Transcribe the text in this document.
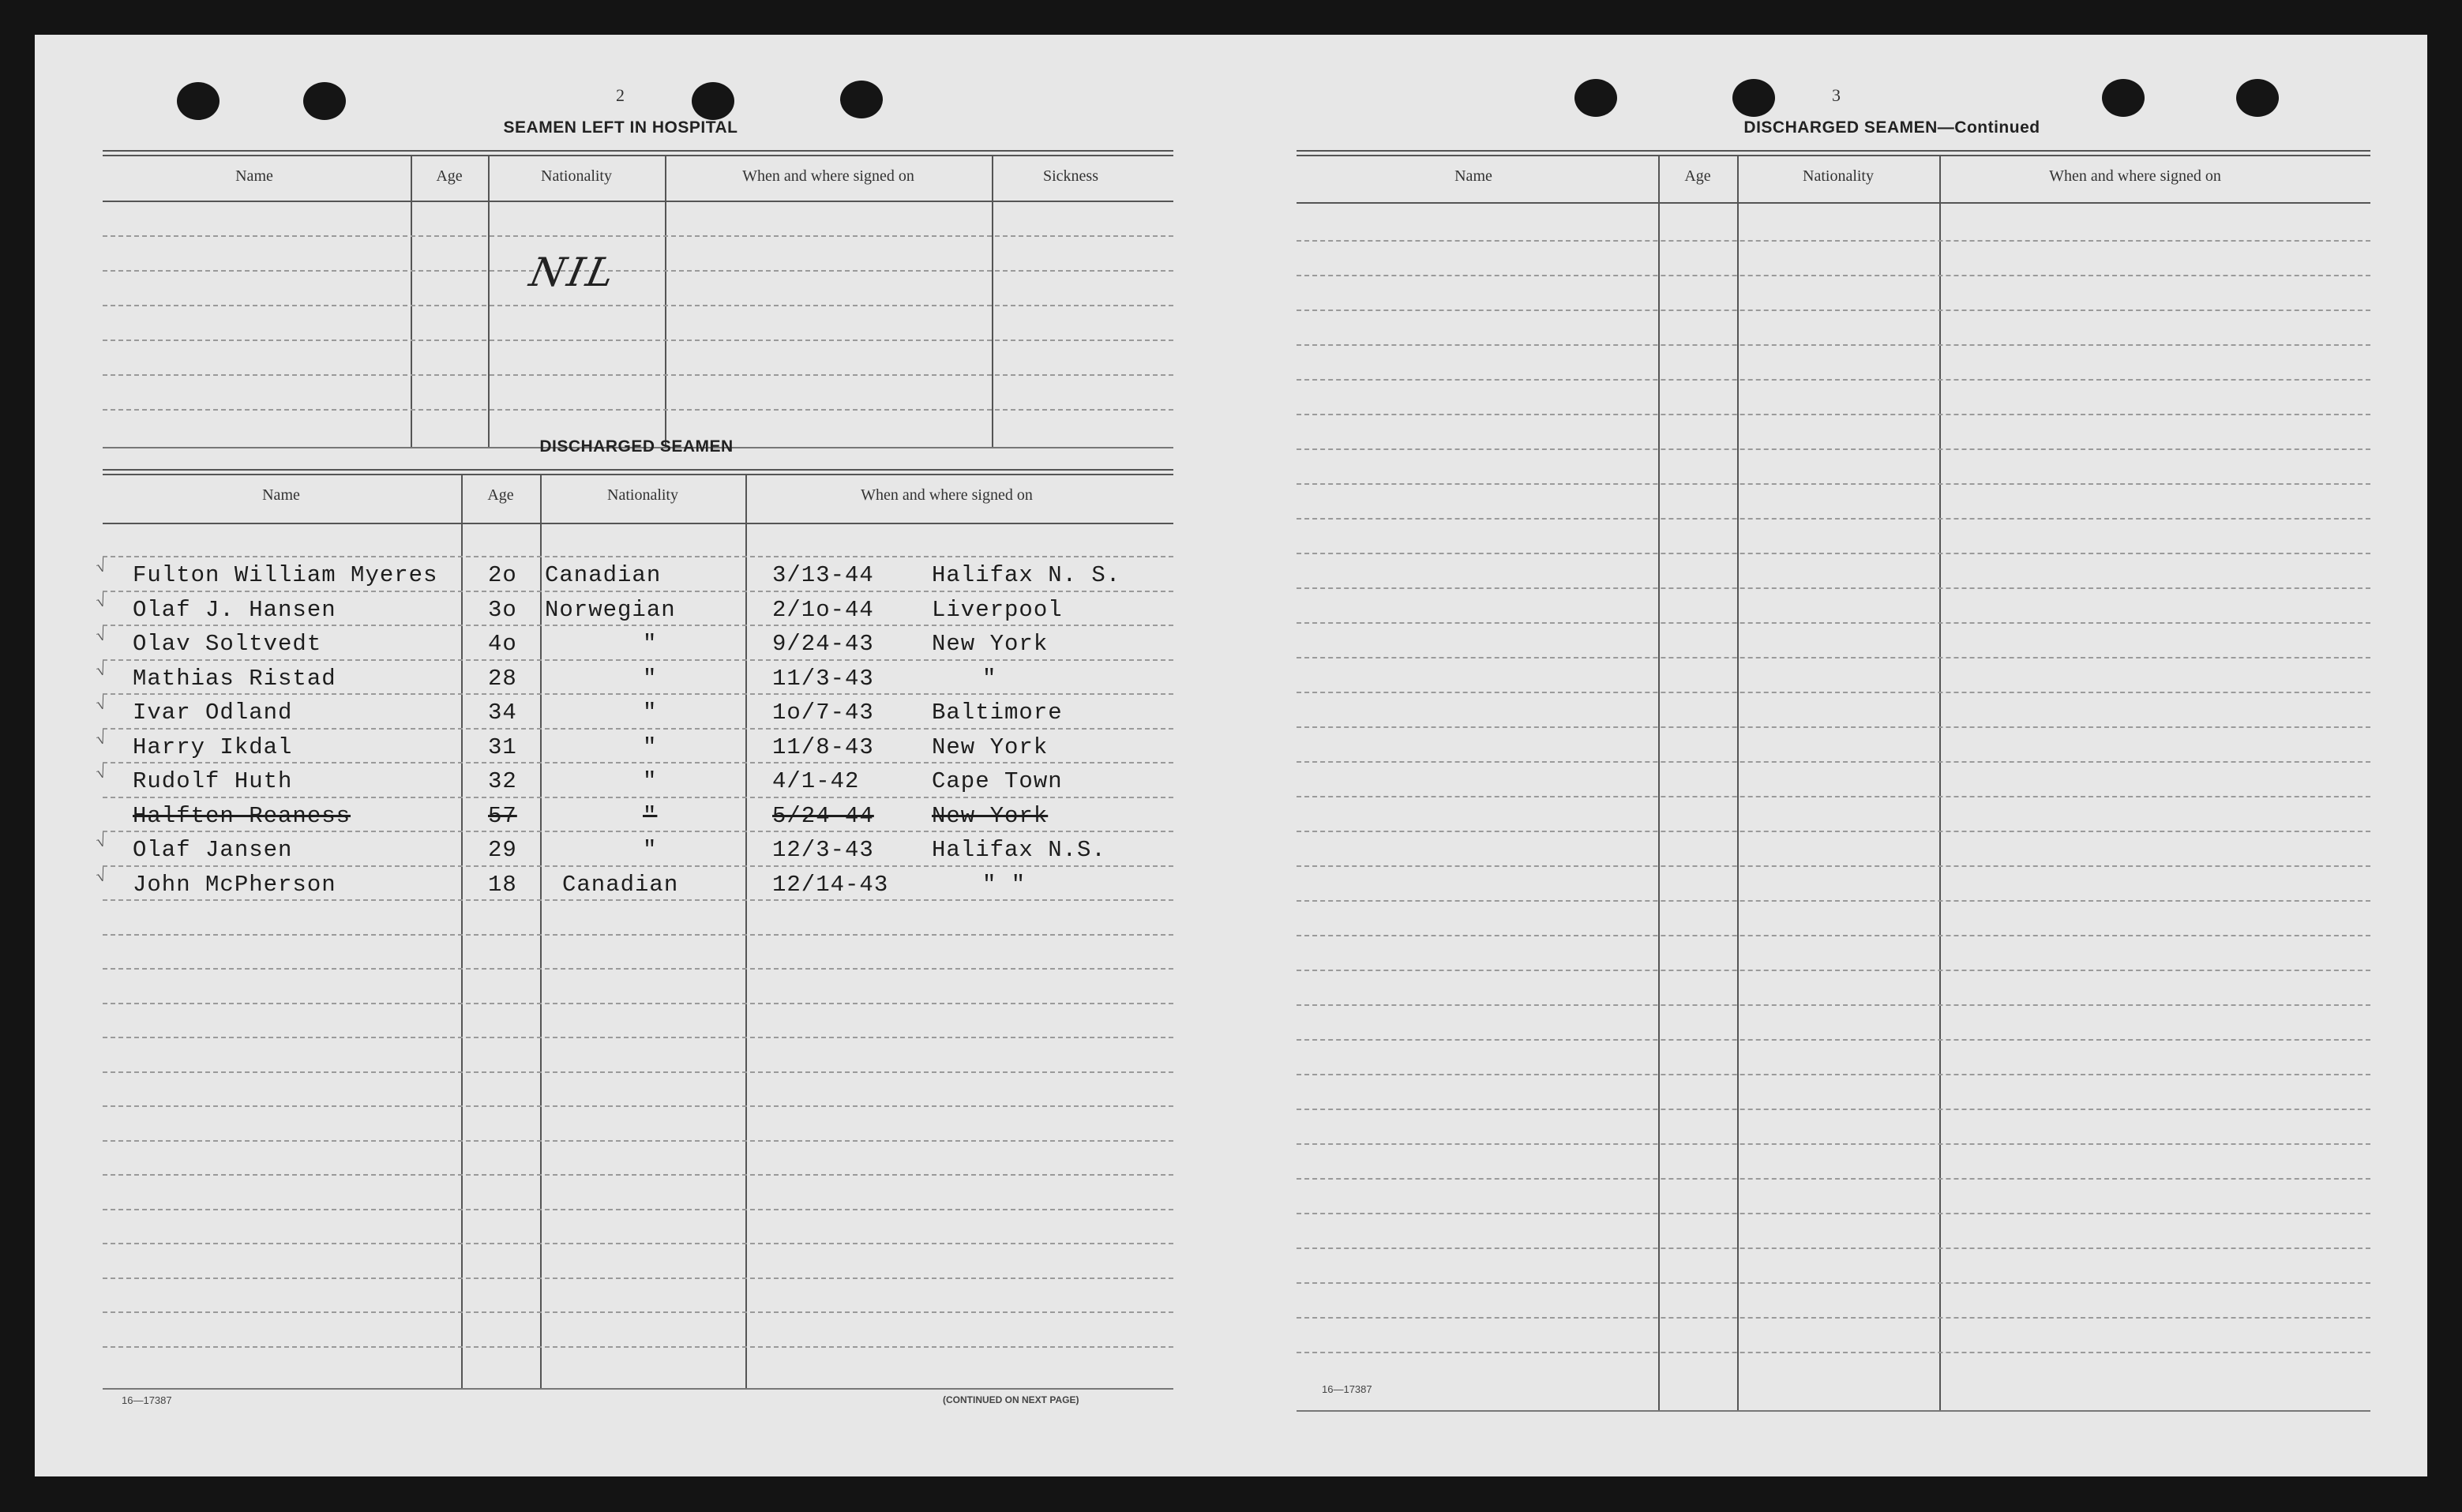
2
SEAMEN LEFT IN HOSPITAL
Name	Age	Nationality	When and where signed on	Sickness
NIL
DISCHARGED SEAMEN
Name	Age	Nationality	When and where signed on
Fulton William Myeres 2o Canadian	3/13-44	Halifax N. S.
√
Olaf J. Hansen	3o Norwegian	2/1o-44	Liverpool
√
Olav Soltvedt	4o	"	9/24-43	New York
√
Mathias Ristad	28	"	11/3-43	"
√
Ivar Odland	34	"	1o/7-43	Baltimore
√
Harry Ikdal	31	"	11/8-43	New York
√
Rudolf Huth	32	"	4/1-42	Cape Town
√
Halften Reaness	57	"	5/24-44	New York
Olaf Jansen	29	"	12/3-43	Halifax N.S.
√
John McPherson	18 Canadian	12/14-43	" "
√
16—17387	(CONTINUED ON NEXT PAGE)
3
DISCHARGED SEAMEN—Continued
Name	Age	Nationality	When and where signed on
16—17387
